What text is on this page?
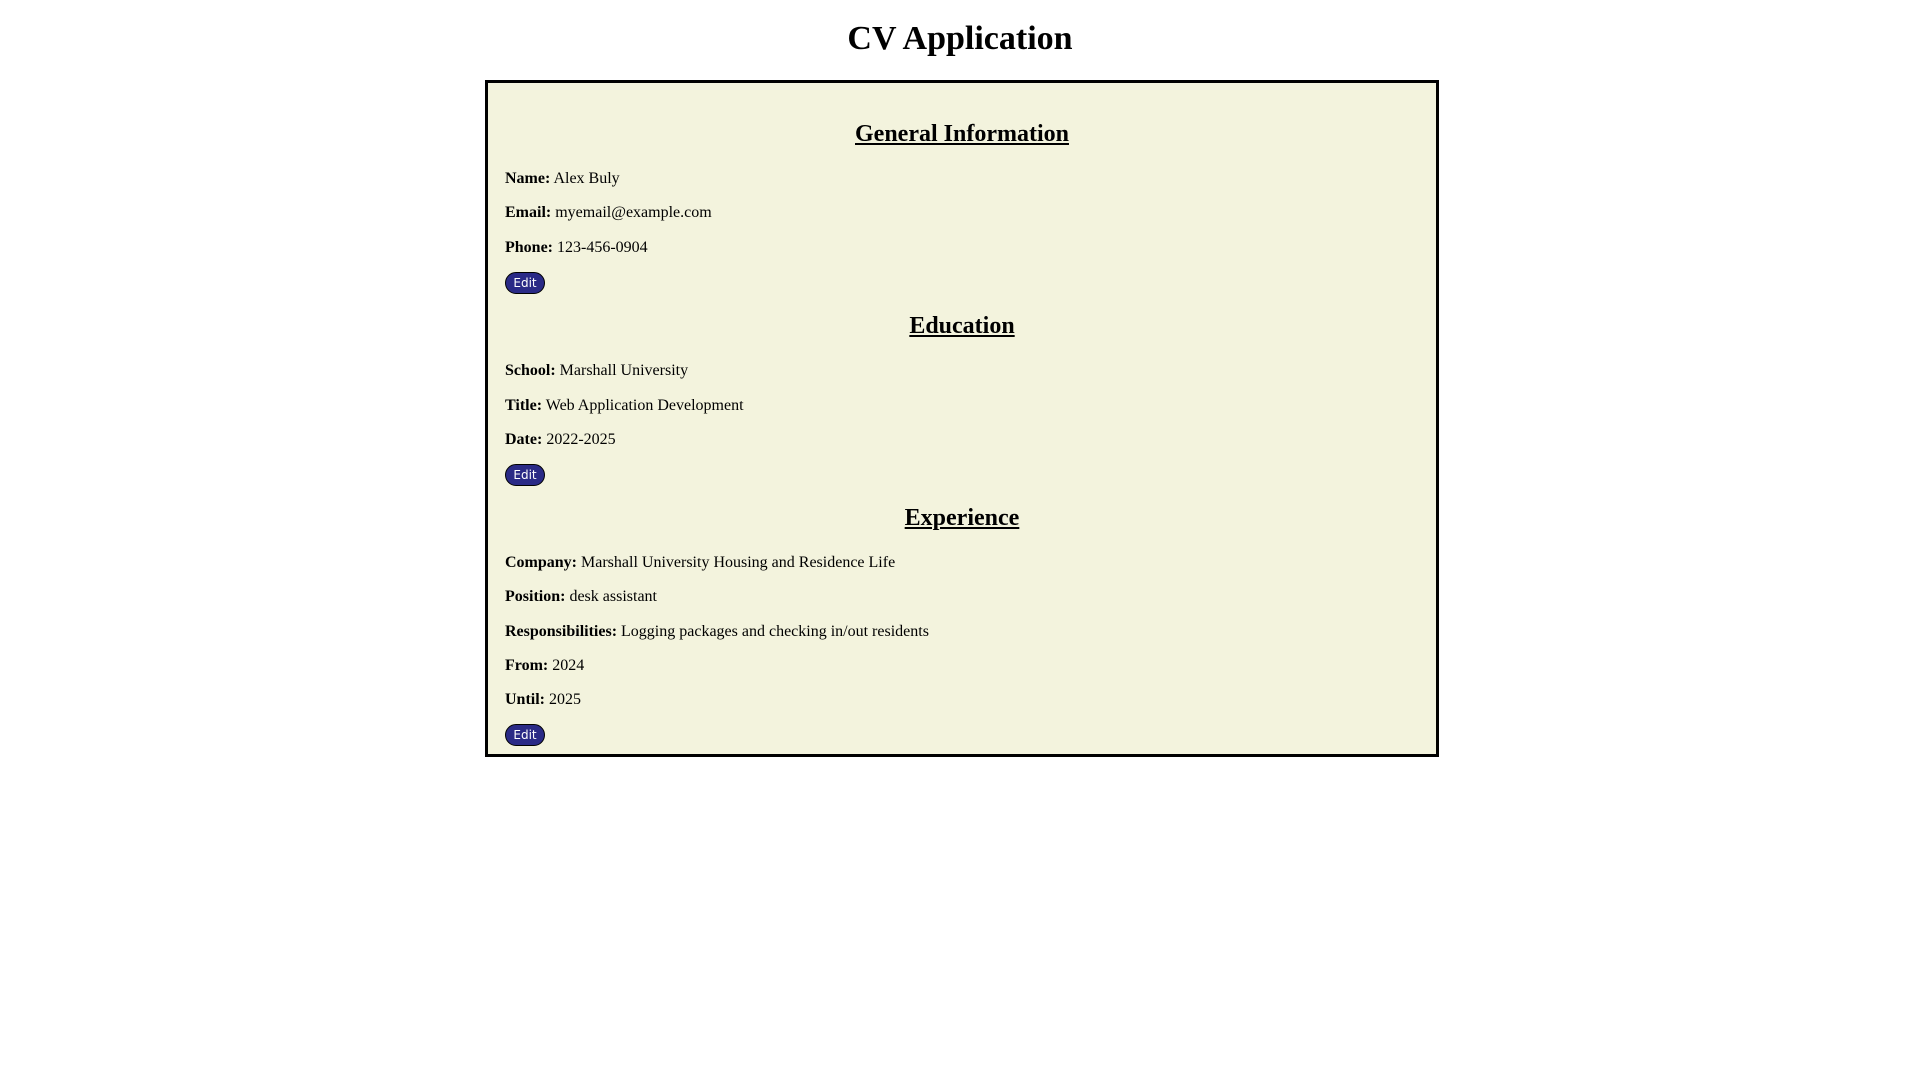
CV Application
General Information
Name: Alex Buly
Email: myemail@example.com
Phone: 123-456-0904
Edit
Education
School: Marshall University
Title: Web Application Development
Date: 2022-2025
Edit
Experience
Company: Marshall University Housing and Residence Life
Position: desk assistant
Responsibilities: Logging packages and checking in/out residents
From: 2024
Until: 2025
Edit
